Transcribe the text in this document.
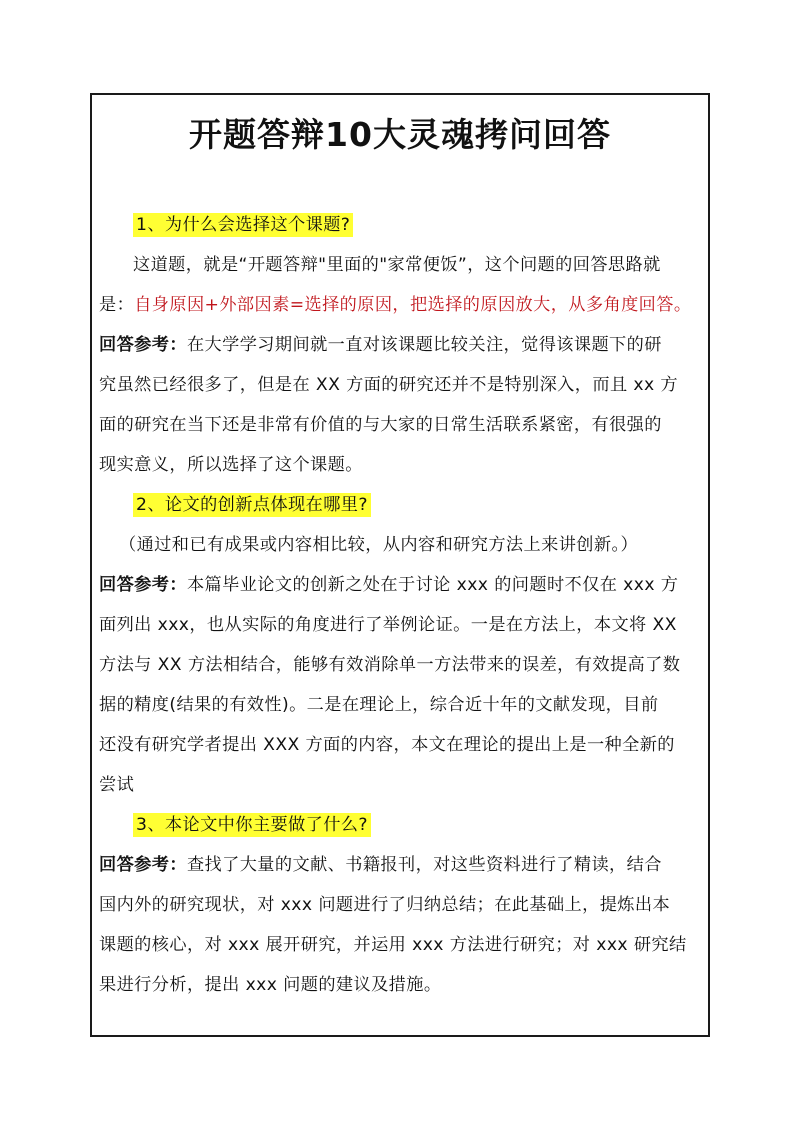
开题答辩10大灵魂拷问回答
1、为什么会选择这个课题?
这道题，就是“开题答辩"里面的"家常便饭”，这个问题的回答思路就
是：自身原因+外部因素=选择的原因，把选择的原因放大，从多角度回答。
回答参考：在大学学习期间就一直对该课题比较关注，觉得该课题下的研
究虽然已经很多了，但是在 XX 方面的研究还并不是特别深入，而且 xx 方
面的研究在当下还是非常有价值的与大家的日常生活联系紧密，有很强的
现实意义，所以选择了这个课题。
2、论文的创新点体现在哪里?
（通过和已有成果或内容相比较，从内容和研究方法上来讲创新。）
回答参考：本篇毕业论文的创新之处在于讨论 xxx 的问题时不仅在 xxx 方
面列出 xxx，也从实际的角度进行了举例论证。一是在方法上，本文将 XX
方法与 XX 方法相结合，能够有效消除单一方法带来的误差，有效提高了数
据的精度(结果的有效性)。二是在理论上，综合近十年的文献发现，目前
还没有研究学者提出 XXX 方面的内容，本文在理论的提出上是一种全新的
尝试
3、本论文中你主要做了什么?
回答参考：查找了大量的文献、书籍报刊，对这些资料进行了精读，结合
国内外的研究现状，对 xxx 问题进行了归纳总结；在此基础上，提炼出本
课题的核心，对 xxx 展开研究，并运用 xxx 方法进行研究；对 xxx 研究结
果进行分析，提出 xxx 问题的建议及措施。
